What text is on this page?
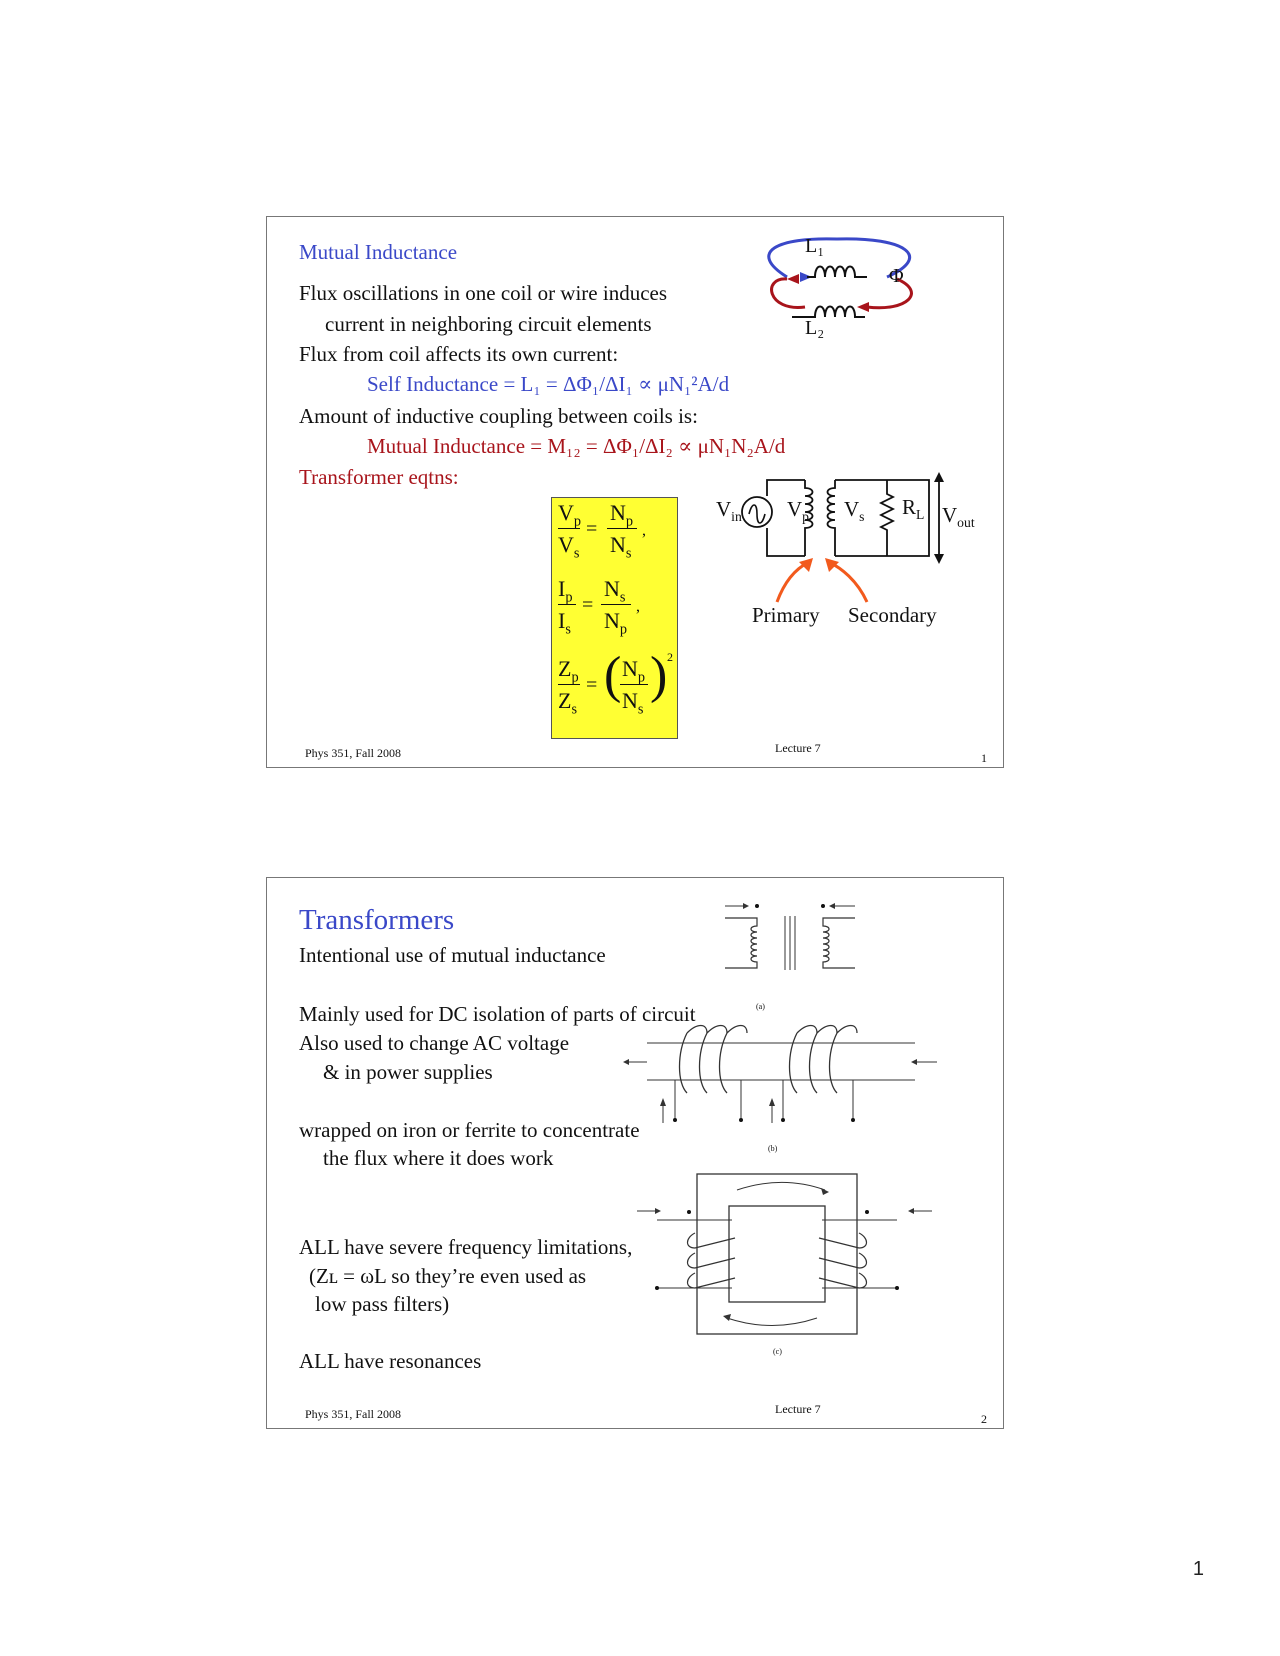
Mutual Inductance
Flux oscillations in one coil or wire induces
current in neighboring circuit elements
Flux from coil affects its own current:
Self Inductance = L₁ = ΔΦ₁/ΔI₁ ∝ μN₁²A/d
Amount of inductive coupling between coils is:
Mutual Inductance = M₁₂ = ΔΦ₁/ΔI₂ ∝ μN₁N₂A/d
Transformer eqtns:
L₁
L₂
Φ
$V_p$
$V_s$
=
$N_p$
$N_s$
,
$I_p$
$I_s$
=
$N_s$
$N_p$
,
$Z_p$
$Z_s$
= ( $N_p$
$N_s$
) 2
$V_{in}$ $V_p$ $V_s$ $R_L$ $V_{out}$
Primary Secondary
Phys 351, Fall 2008	Lecture 7
1
Transformers
Intentional use of mutual inductance
Mainly used for DC isolation of parts of circuit
Also used to change AC voltage
& in power supplies
wrapped on iron or ferrite to concentrate
the flux where it does work
ALL have severe frequency limitations,
(Zʟ = ωL so they’re even used as
low pass filters)
ALL have resonances
(a)
(b)
(c)
Phys 351, Fall 2008	Lecture 7
2
1
